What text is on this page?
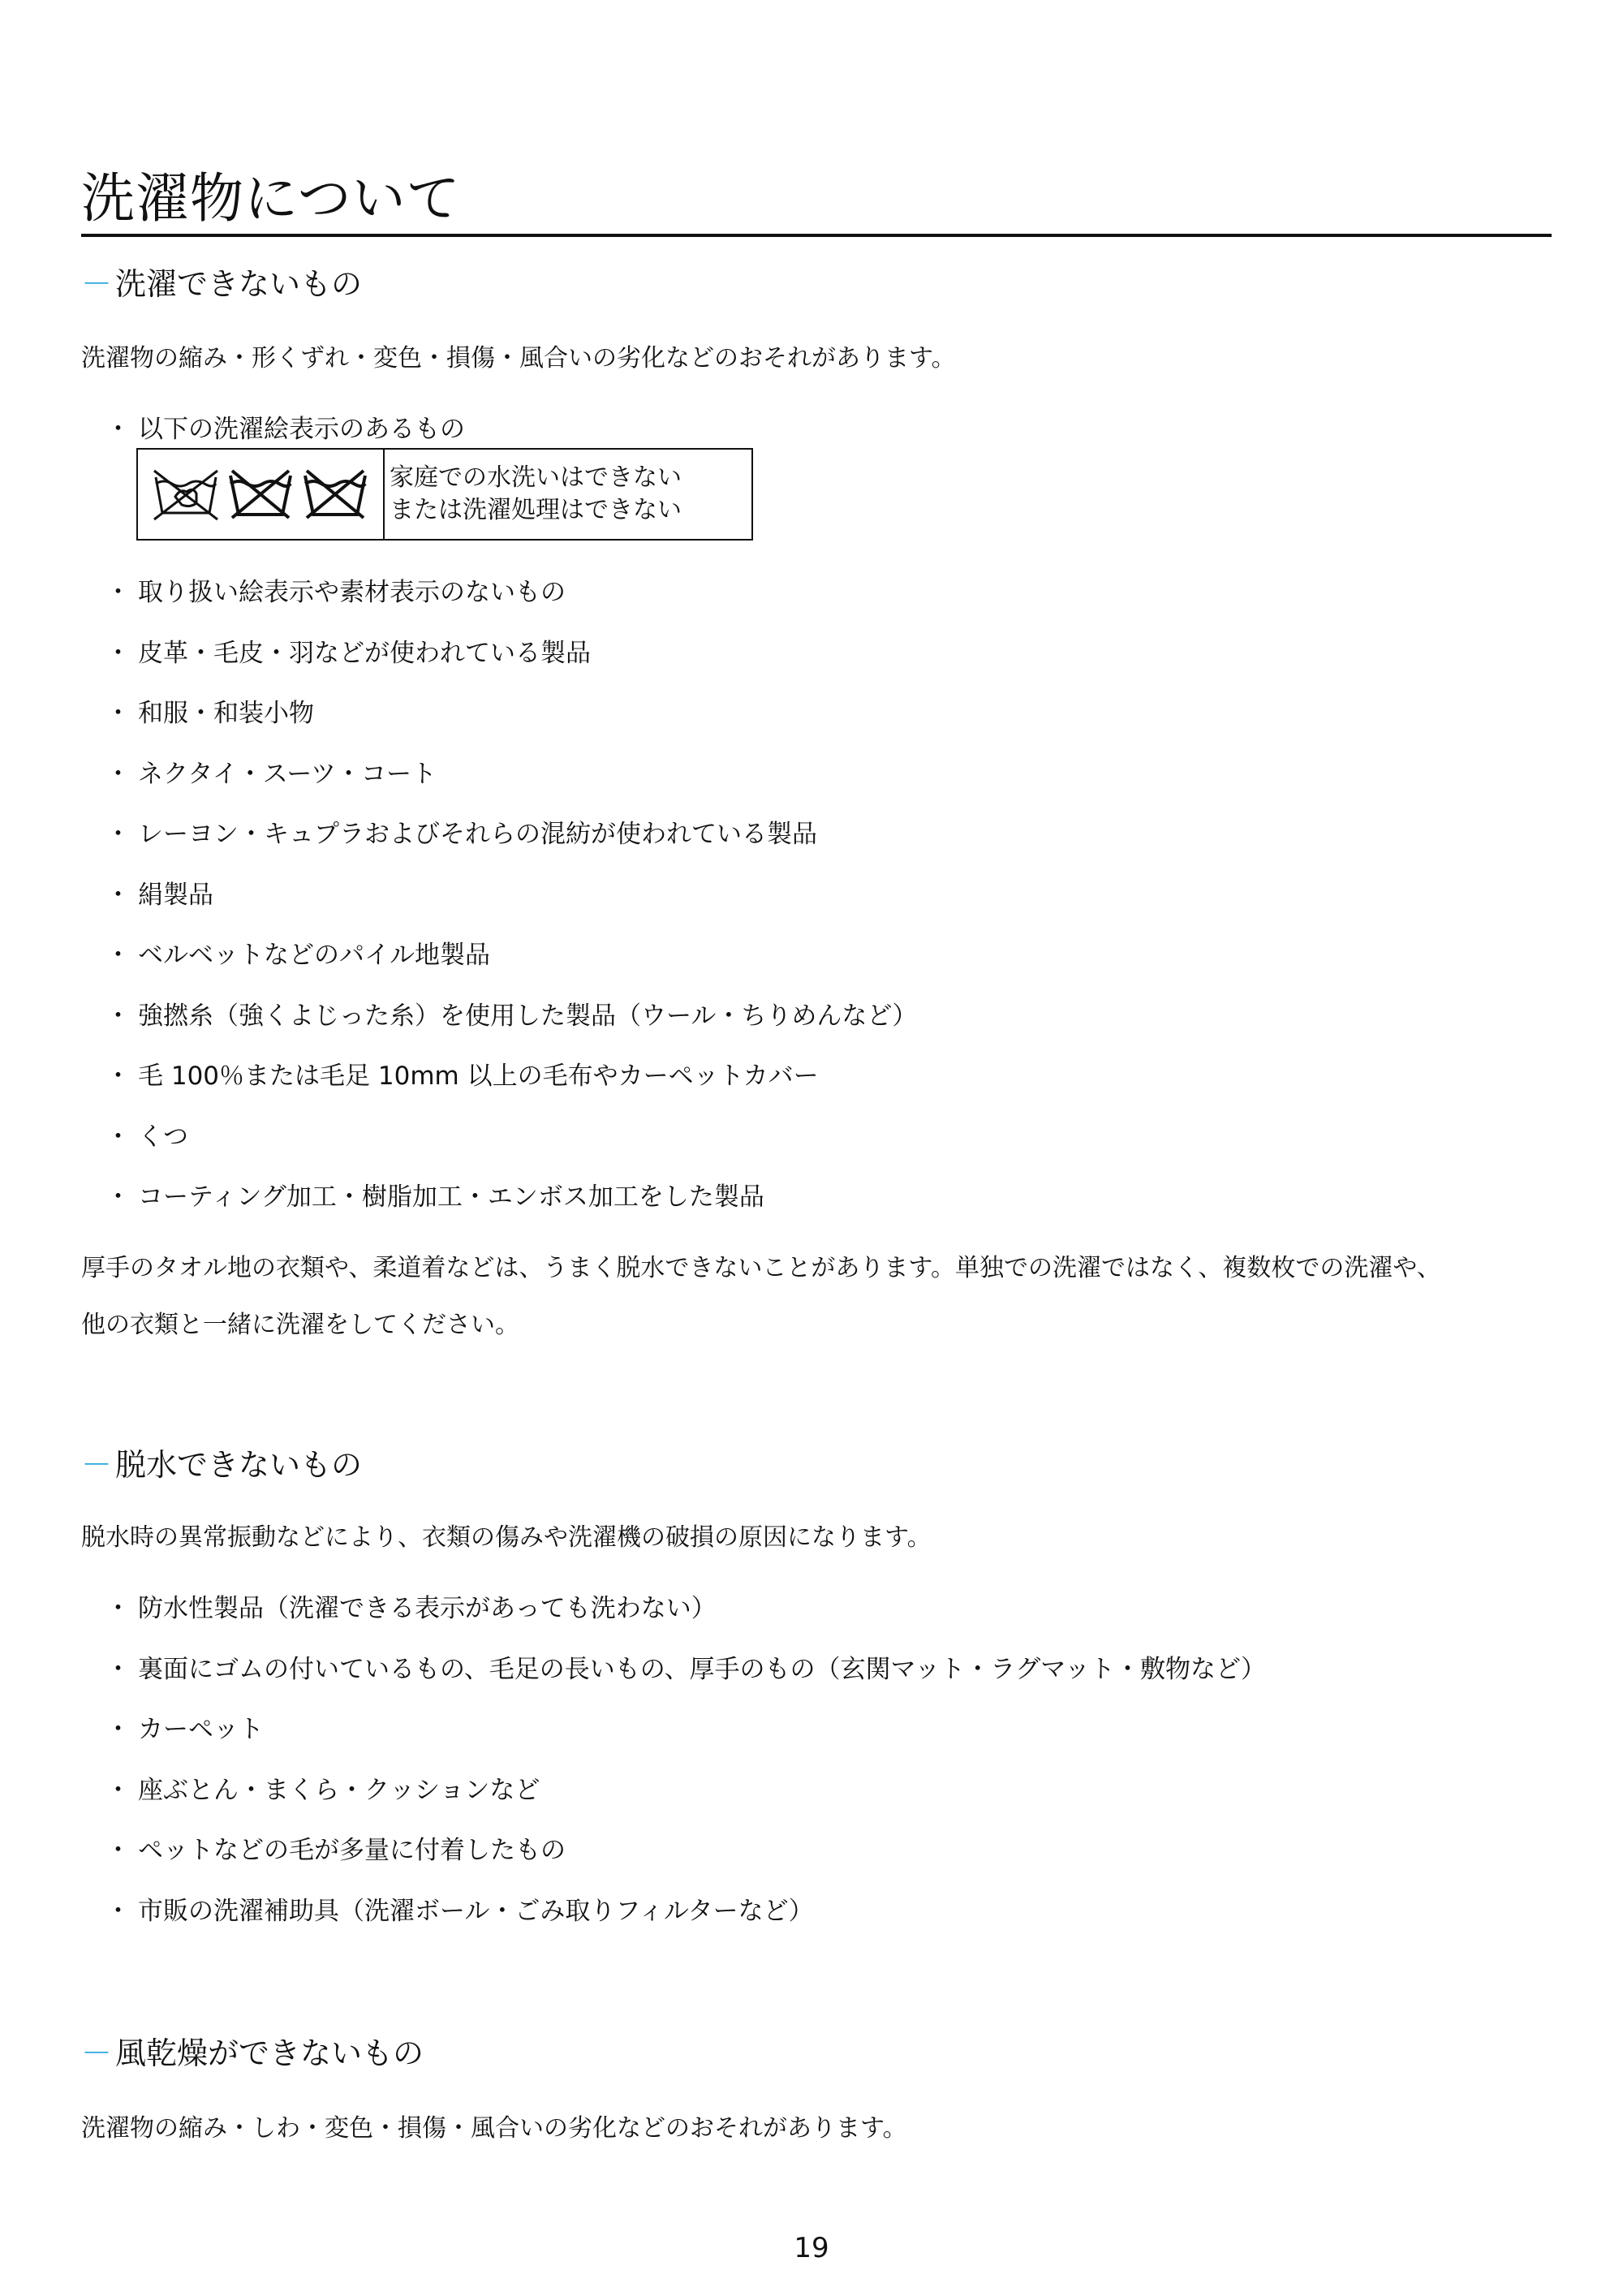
洗濯物について
－ 洗濯できないもの

洗濯物の縮み・形くずれ・変色・損傷・風合いの劣化などのおそれがあります。

・ 以下の洗濯絵表示のあるもの
家庭での水洗いはできない
または洗濯処理はできない
・ 取り扱い絵表示や素材表示のないもの
・ 皮革・毛皮・羽などが使われている製品
・ 和服・和装小物
・ ネクタイ・スーツ・コート
・ レーヨン・キュプラおよびそれらの混紡が使われている製品
・ 絹製品
・ ベルベットなどのパイル地製品
・ 強撚糸（強くよじった糸）を使用した製品（ウール・ちりめんなど）
・ 毛 100％または毛足 10mm 以上の毛布やカーペットカバー
・ くつ
・ コーティング加工・樹脂加工・エンボス加工をした製品

厚手のタオル地の衣類や、柔道着などは、うまく脱水できないことがあります。単独での洗濯ではなく、複数枚での洗濯や、

他の衣類と一緒に洗濯をしてください。

－ 脱水できないもの

脱水時の異常振動などにより、衣類の傷みや洗濯機の破損の原因になります。

・ 防水性製品（洗濯できる表示があっても洗わない）
・ 裏面にゴムの付いているもの、毛足の長いもの、厚手のもの（玄関マット・ラグマット・敷物など）
・ カーペット
・ 座ぶとん・まくら・クッションなど
・ ペットなどの毛が多量に付着したもの
・ 市販の洗濯補助具（洗濯ボール・ごみ取りフィルターなど）
－ 風乾燥ができないもの

洗濯物の縮み・しわ・変色・損傷・風合いの劣化などのおそれがあります。

19
